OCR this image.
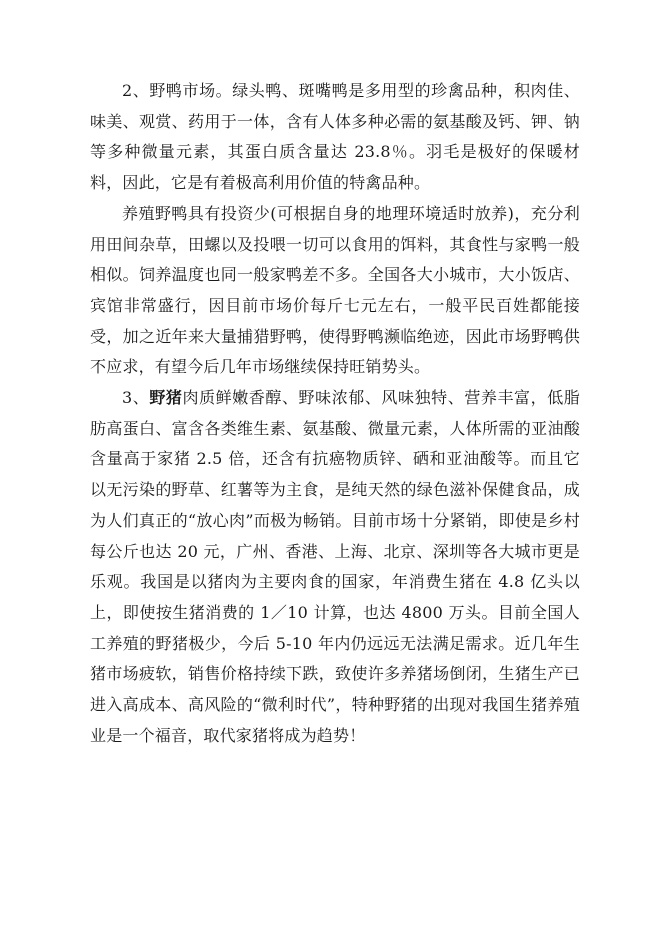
2、野鸭市场。绿头鸭、斑嘴鸭是多用型的珍禽品种，积肉佳、味美、观赏、药用于一体，含有人体多种必需的氨基酸及钙、钾、钠等多种微量元素，其蛋白质含量达 23.8％。羽毛是极好的保暖材料，因此，它是有着极高利用价值的特禽品种。

养殖野鸭具有投资少(可根据自身的地理环境适时放养)，充分利用田间杂草，田螺以及投喂一切可以食用的饵料，其食性与家鸭一般相似。饲养温度也同一般家鸭差不多。全国各大小城市，大小饭店、宾馆非常盛行，因目前市场价每斤七元左右，一般平民百姓都能接受，加之近年来大量捕猎野鸭，使得野鸭濒临绝迹，因此市场野鸭供不应求，有望今后几年市场继续保持旺销势头。

3、野猪肉质鲜嫩香醇、野味浓郁、风味独特、营养丰富，低脂肪高蛋白、富含各类维生素、氨基酸、微量元素，人体所需的亚油酸含量高于家猪 2.5 倍，还含有抗癌物质锌、硒和亚油酸等。而且它以无污染的野草、红薯等为主食，是纯天然的绿色滋补保健食品，成为人们真正的“放心肉”而极为畅销。目前市场十分紧销，即使是乡村每公斤也达 20 元，广州、香港、上海、北京、深圳等各大城市更是乐观。我国是以猪肉为主要肉食的国家，年消费生猪在 4.8 亿头以上，即使按生猪消费的 1／10 计算，也达 4800 万头。目前全国人工养殖的野猪极少，今后 5-10 年内仍远远无法满足需求。近几年生猪市场疲软，销售价格持续下跌，致使许多养猪场倒闭，生猪生产已进入高成本、高风险的“微利时代”，特种野猪的出现对我国生猪养殖业是一个福音，取代家猪将成为趋势！
